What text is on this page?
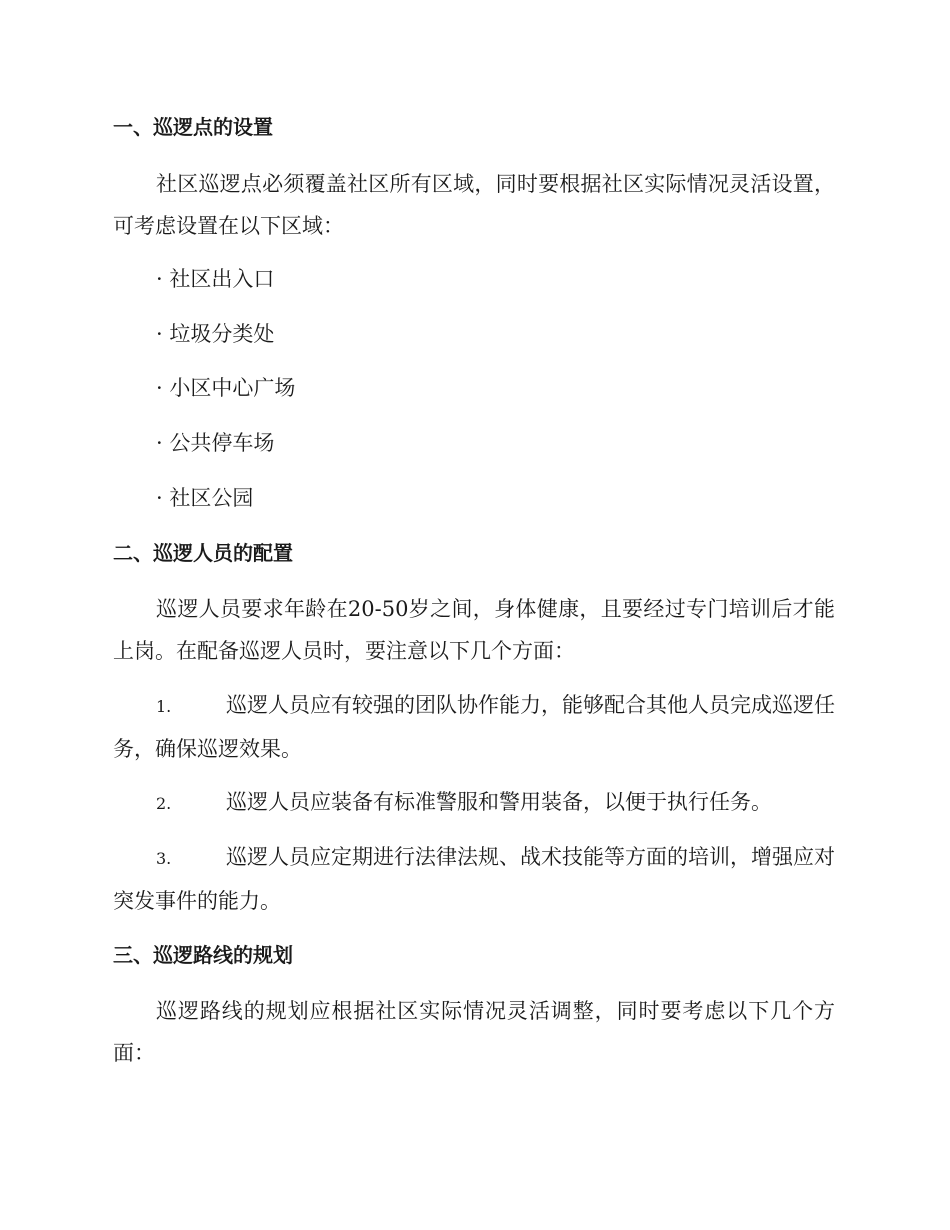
一、巡逻点的设置

社区巡逻点必须覆盖社区所有区域，同时要根据社区实际情况灵活设置，可考虑设置在以下区域：

· 社区出入口

· 垃圾分类处

· 小区中心广场

· 公共停车场

· 社区公园

二、巡逻人员的配置

巡逻人员要求年龄在20-50岁之间，身体健康，且要经过专门培训后才能上岗。在配备巡逻人员时，要注意以下几个方面：

1.	巡逻人员应有较强的团队协作能力，能够配合其他人员完成巡逻任务，确保巡逻效果。

2.	巡逻人员应装备有标准警服和警用装备，以便于执行任务。

3.	巡逻人员应定期进行法律法规、战术技能等方面的培训，增强应对突发事件的能力。

三、巡逻路线的规划

巡逻路线的规划应根据社区实际情况灵活调整，同时要考虑以下几个方面：
